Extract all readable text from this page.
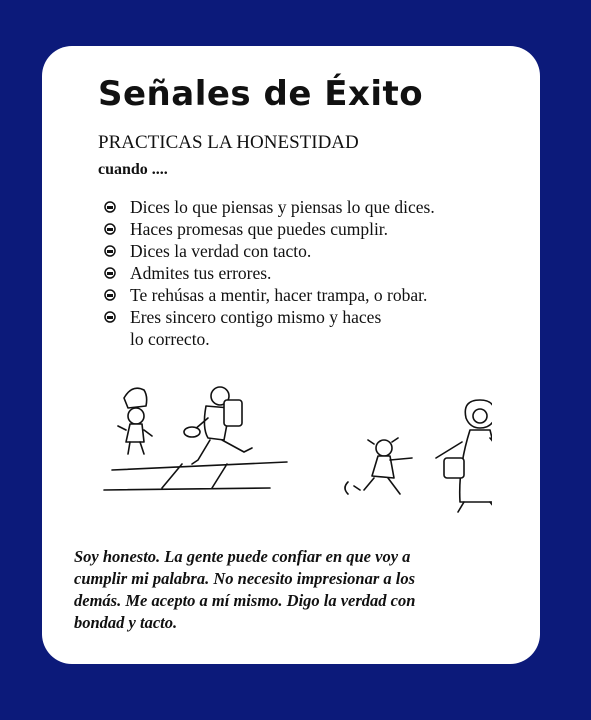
Señales de Éxito
PRACTICAS LA HONESTIDAD
cuando ....
Dices lo que piensas y piensas lo que dices.
Haces promesas que puedes cumplir.
Dices la verdad con tacto.
Admites tus errores.
Te rehúsas a mentir, hacer trampa, o robar.
Eres sincero contigo mismo y haces
lo correcto.
Soy honesto. La gente puede confiar en que voy a
cumplir mi palabra. No necesito impresionar a los
demás. Me acepto a mí mismo. Digo la verdad con
bondad y tacto.
